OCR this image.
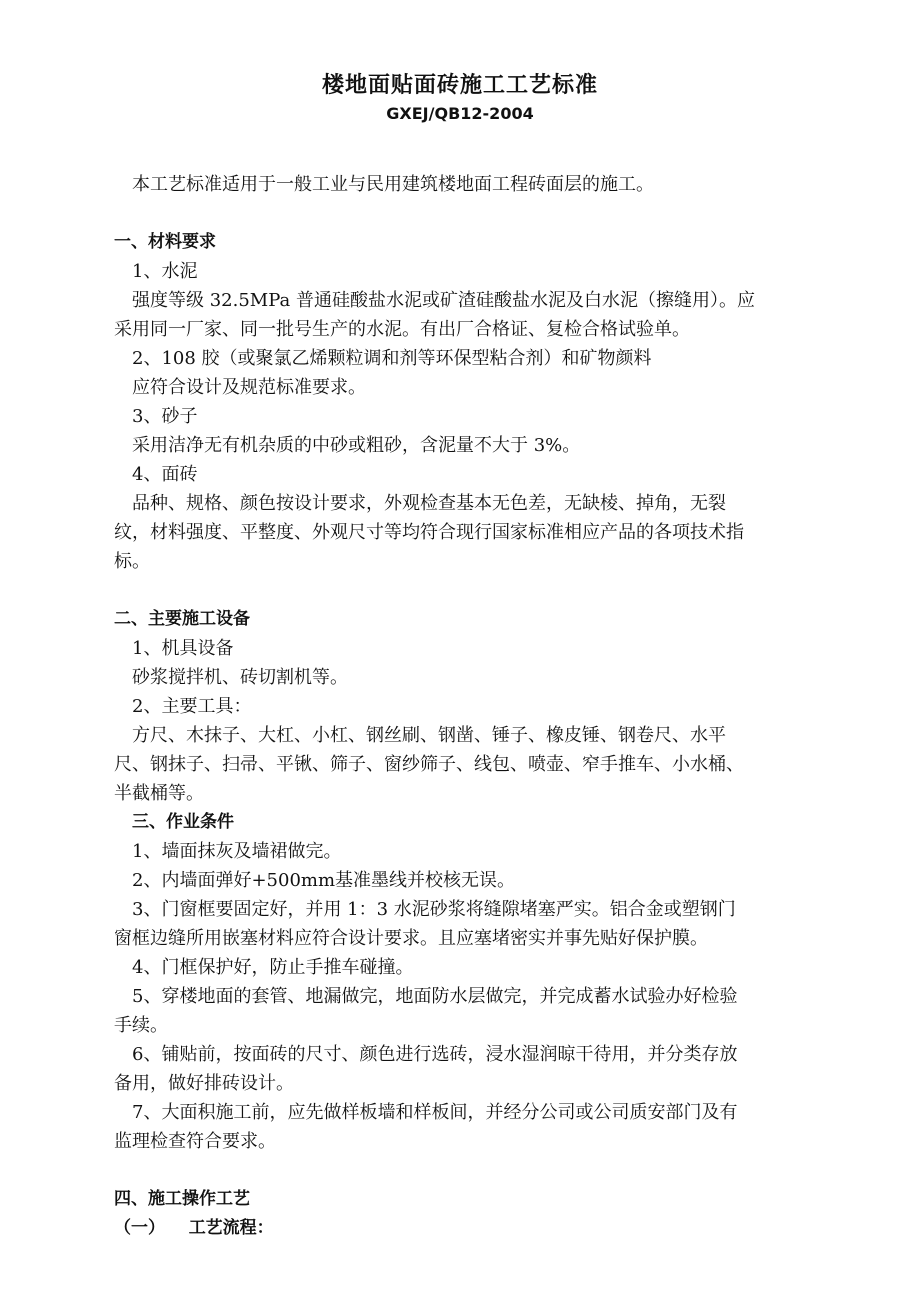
楼地面贴面砖施工工艺标准
GXEJ/QB12-2004

本工艺标准适用于一般工业与民用建筑楼地面工程砖面层的施工。

一、材料要求

1、水泥

强度等级 32.5MPa 普通硅酸盐水泥或矿渣硅酸盐水泥及白水泥（擦缝用）。应

采用同一厂家、同一批号生产的水泥。有出厂合格证、复检合格试验单。

2、108 胶（或聚氯乙烯颗粒调和剂等环保型粘合剂）和矿物颜料

应符合设计及规范标准要求。

3、砂子

采用洁净无有机杂质的中砂或粗砂，含泥量不大于 3%。

4、面砖

品种、规格、颜色按设计要求，外观检查基本无色差，无缺棱、掉角，无裂

纹，材料强度、平整度、外观尺寸等均符合现行国家标准相应产品的各项技术指

标。

二、主要施工设备

1、机具设备

砂浆搅拌机、砖切割机等。

2、主要工具：

方尺、木抹子、大杠、小杠、钢丝刷、钢凿、锤子、橡皮锤、钢卷尺、水平

尺、钢抹子、扫帚、平锹、筛子、窗纱筛子、线包、喷壶、窄手推车、小水桶、

半截桶等。

三、作业条件

1、墙面抹灰及墙裙做完。

2、内墙面弹好+500mm基准墨线并校核无误。

3、门窗框要固定好，并用 1：3 水泥砂浆将缝隙堵塞严实。铝合金或塑钢门

窗框边缝所用嵌塞材料应符合设计要求。且应塞堵密实并事先贴好保护膜。

4、门框保护好，防止手推车碰撞。

5、穿楼地面的套管、地漏做完，地面防水层做完，并完成蓄水试验办好检验

手续。

6、铺贴前，按面砖的尺寸、颜色进行选砖，浸水湿润晾干待用，并分类存放

备用，做好排砖设计。

7、大面积施工前，应先做样板墙和样板间，并经分公司或公司质安部门及有

监理检查符合要求。

四、施工操作工艺

（一） 工艺流程：
